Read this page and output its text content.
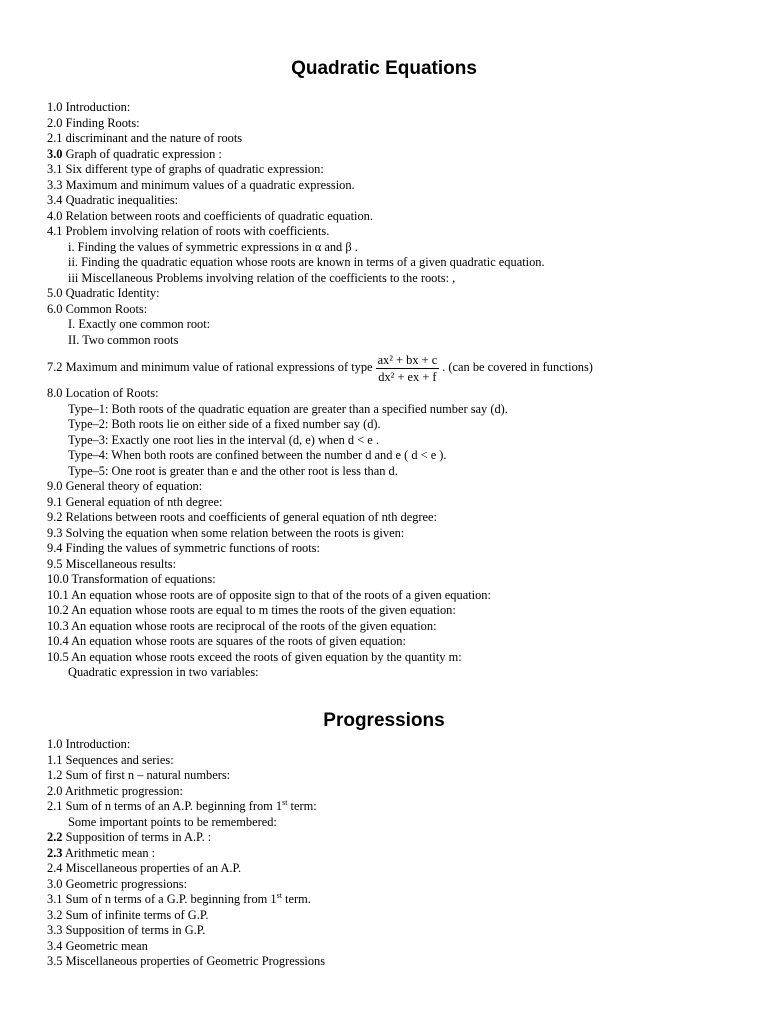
Quadratic Equations
1.0 Introduction:
2.0 Finding Roots:
2.1 discriminant and the nature of roots
3.0 Graph of quadratic expression :
3.1 Six different type of graphs of quadratic expression:
3.3 Maximum and minimum values of a quadratic expression.
3.4 Quadratic inequalities:
4.0 Relation between roots and coefficients of quadratic equation.
4.1 Problem involving relation of roots with coefficients.
i. Finding the values of symmetric expressions in α and β .
ii. Finding the quadratic equation whose roots are known in terms of a given quadratic equation.
iii Miscellaneous Problems involving relation of the coefficients to the roots: ,
5.0 Quadratic Identity:
6.0 Common Roots:
I. Exactly one common root:
II. Two common roots
7.2 Maximum and minimum value of rational expressions of type $\frac{\text{ax² + bx + c}}{\text{dx² + ex + f}}$ . (can be covered in functions)
8.0 Location of Roots:
Type–1: Both roots of the quadratic equation are greater than a specified number say (d).
Type–2: Both roots lie on either side of a fixed number say (d).
Type–3: Exactly one root lies in the interval (d, e) when d < e .
Type–4: When both roots are confined between the number d and e ( d < e ).
Type–5: One root is greater than e and the other root is less than d.
9.0 General theory of equation:
9.1 General equation of nth degree:
9.2 Relations between roots and coefficients of general equation of nth degree:
9.3 Solving the equation when some relation between the roots is given:
9.4 Finding the values of symmetric functions of roots:
9.5 Miscellaneous results:
10.0 Transformation of equations:
10.1 An equation whose roots are of opposite sign to that of the roots of a given equation:
10.2 An equation whose roots are equal to m times the roots of the given equation:
10.3 An equation whose roots are reciprocal of the roots of the given equation:
10.4 An equation whose roots are squares of the roots of given equation:
10.5 An equation whose roots exceed the roots of given equation by the quantity m:
Quadratic expression in two variables:
Progressions
1.0 Introduction:
1.1 Sequences and series:
1.2 Sum of first n – natural numbers:
2.0 Arithmetic progression:
2.1 Sum of n terms of an A.P. beginning from 1st term:
Some important points to be remembered:
2.2 Supposition of terms in A.P. :
2.3 Arithmetic mean :
2.4 Miscellaneous properties of an A.P.
3.0 Geometric progressions:
3.1 Sum of n terms of a G.P. beginning from 1st term.
3.2 Sum of infinite terms of G.P.
3.3 Supposition of terms in G.P.
3.4 Geometric mean
3.5 Miscellaneous properties of Geometric Progressions
